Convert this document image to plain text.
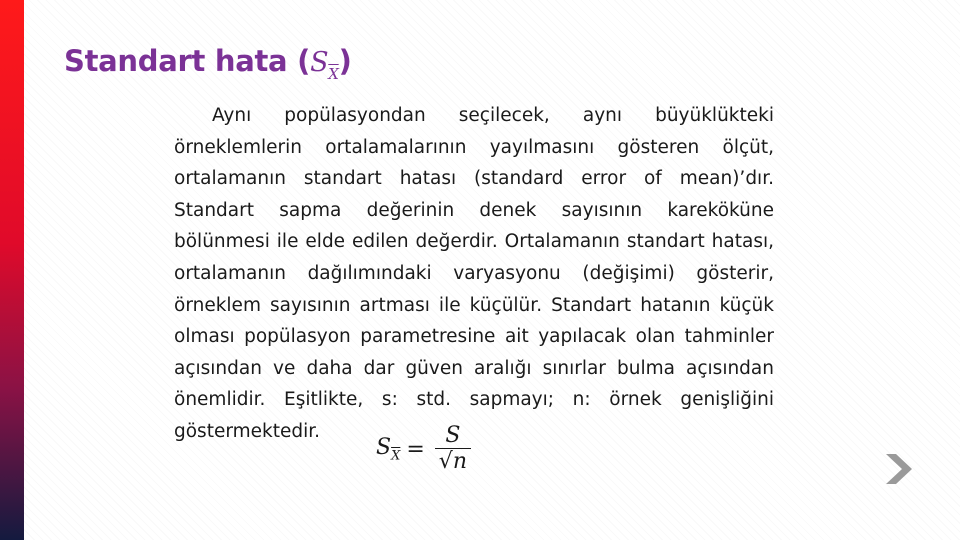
Standart hata $(S_{\overline{X}})$
Aynı popülasyondan seçilecek, aynı büyüklükteki örneklemlerin ortalamalarının yayılmasını gösteren ölçüt, ortalamanın standart hatası (standard error of mean)’dır. Standart sapma değerinin denek sayısının kareköküne bölünmesi ile elde edilen değerdir. Ortalamanın standart hatası, ortalamanın dağılımındaki varyasyonu (değişimi) gösterir, örneklem sayısının artması ile küçülür. Standart hatanın küçük olması popülasyon parametresine ait yapılacak olan tahminler açısından ve daha dar güven aralığı sınırlar bulma açısından önemlidir. Eşitlikte, s: std. sapmayı; n: örnek genişliğini göstermektedir.
$S_{\overline{X}} = \frac{S}{√n}$
